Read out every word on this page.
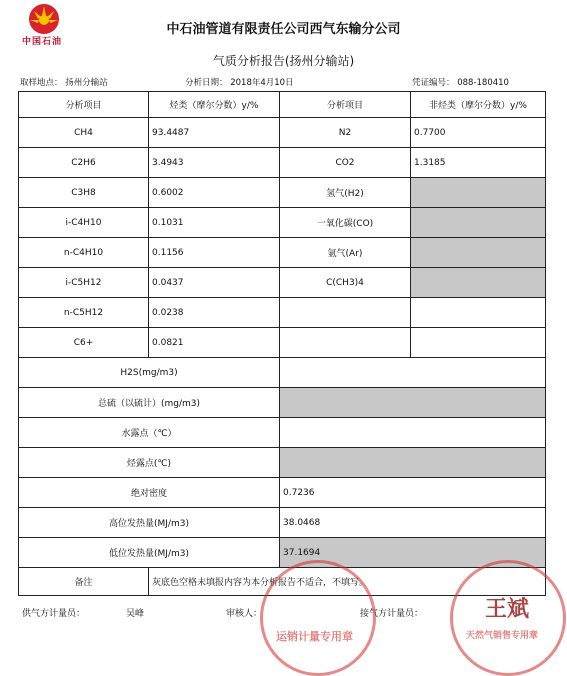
中国石油
中石油管道有限责任公司西气东输分公司
气质分析报告(扬州分输站)
取样地点： 扬州分输站	分析日期： 2018年4月10日	凭证编号： 088-180410
分析项目	烃类（摩尔分数）y/%	分析项目	非烃类（摩尔分数）y/%
CH4	93.4487	N2	0.7700
C2H6	3.4943	CO2	1.3185
C3H8	0.6002	氢气(H2)	
i-C4H10	0.1031	一氧化碳(CO)	
n-C4H10	0.1156	氩气(Ar)	
i-C5H12	0.0437	C(CH3)4	
n-C5H12	0.0238		
C6+	0.0821		
H2S(mg/m3)			
总硫（以硫计）(mg/m3)			
水露点（℃）			
烃露点(℃)			
绝对密度		0.7236	
高位发热量(MJ/m3)		38.0468	
低位发热量(MJ/m3)		37.1694	
备注	灰底色空格未填报内容为本分析报告不适合，不填写。		
供气方计量员：	吴峰	审核人：	接气方计量员：
运销计量专用章	天然气销售专用章
王斌
